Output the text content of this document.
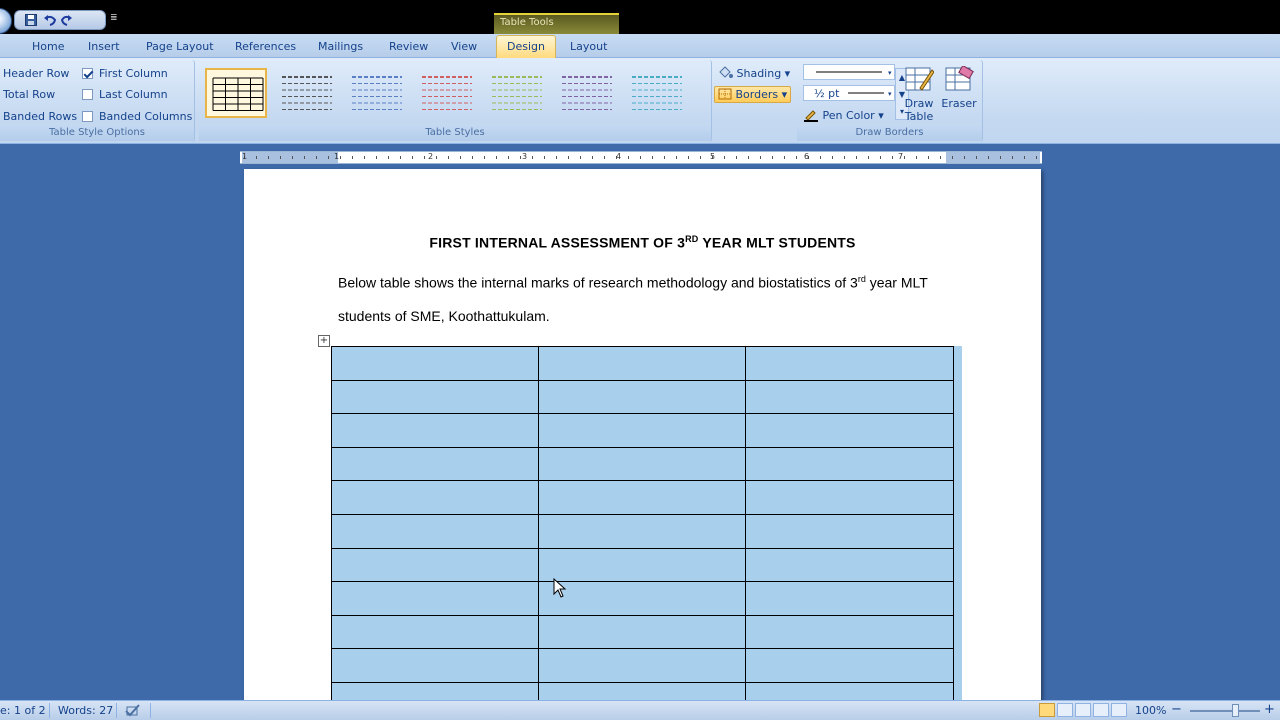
≣	Table Tools
Home Insert Page Layout References Mailings Review View	Design	Layout
Header Row
Total Row
Banded Rows
First Column
Last Column
Banded Columns
Table Style Options
▲
▼
▾
Table Styles
Shading ▾
Borders ▾
▾
½ pt	▾
Pen Color ▾
Draw
Table
Eraser
Draw Borders
1	1	2	3	4	5	6	7
FIRST INTERNAL ASSESSMENT OF 3RD YEAR MLT STUDENTS
Below table shows the internal marks of research methodology and biostatistics of 3rd year MLT students of SME, Koothattukulam.
+

e: 1 of 2 Words: 27	100% −	+
